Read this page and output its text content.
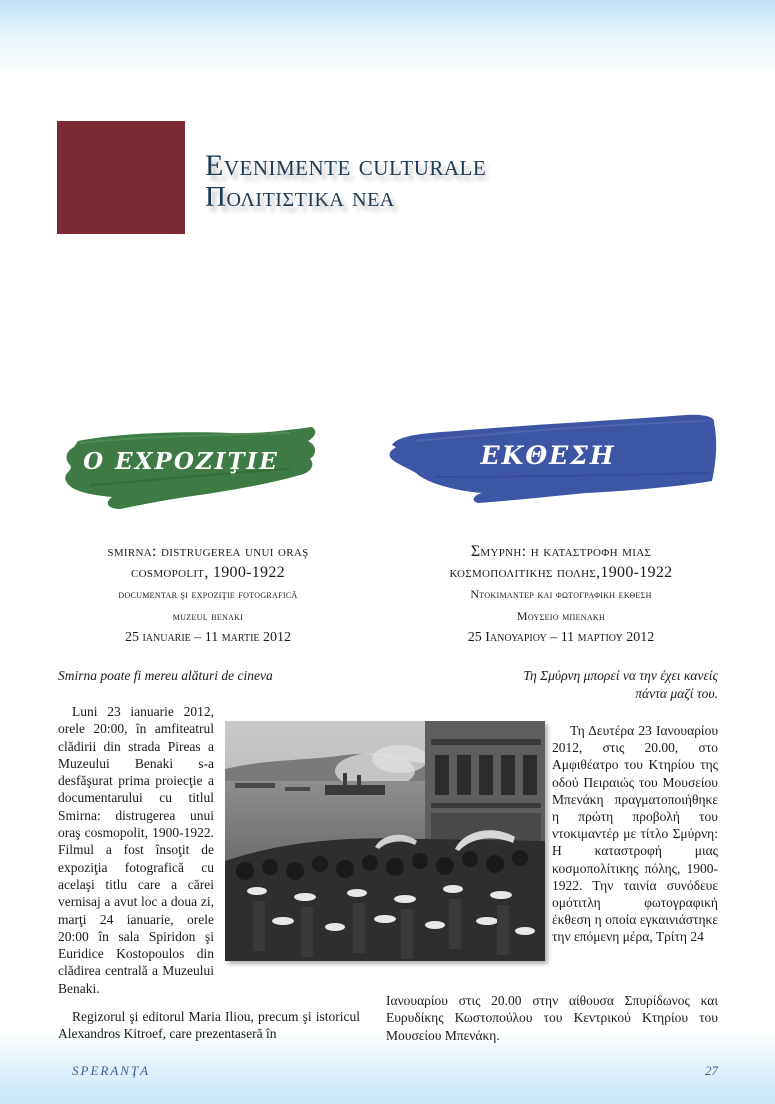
Evenimente culturale
Πολιτιστικα νεα
O EXPOZIŢIE	ΕΚΘΕΣΗ
smirna: distrugerea unui oraş
cosmopolit, 1900-1922
documentar şi expoziţie fotografică
muzeul benaki
25 ianuarie – 11 martie 2012
Σμυρνη: η καταστροφη μιασ
κοσμοπολιτικησ πολησ,1900-1922
Ντοκιμαντερ και φωτογραφικη εκθεση
Μουσειο μπενακη
25 Ιανουαριου – 11 μαρτιου 2012
Smirna poate fi mereu alături de cineva	Τη Σμύρνη μπορεί να την έχει κανείς
πάντα μαζί του.
Luni 23 ianuarie 2012, orele 20:00, în amfiteatrul clădirii din strada Pireas a Muzeului Benaki s-a desfăşurat prima proiecţie a documentarului cu titlul Smirna: distrugerea unui oraş cosmopolit, 1900-1922. Filmul a fost însoţit de expoziţia fotografică cu acelaşi titlu care a cărei vernisaj a avut loc a doua zi, marţi 24 ianuarie, orele 20:00 în sala Spiridon şi Euridice Kostopoulos din clădirea centrală a Muzeului Benaki.
Regizorul şi editorul Maria Iliou, precum şi istoricul Alexandros Kitroef, care prezentaseră în
Τη Δευτέρα 23 Ιανουαρίου 2012, στις 20.00, στο Αμφιθέατρο του Κτηρίου της οδού Πειραιώς του Μουσείου Μπενάκη πραγματοποιήθηκε η πρώτη προβολή του ντοκιμαντέρ με τίτλο Σμύρνη: Η καταστροφή μιας κοσμοπολίτικης πόλης, 1900-1922. Την ταινία συνόδευε ομότιτλη φωτογραφική έκθεση η οποία εγκαινιάστηκε την επόμενη μέρα, Τρίτη 24
Ιανουαρίου στις 20.00 στην αίθουσα Σπυρίδωνος και Ευρυδίκης Κωστοπούλου του Κεντρικού Κτηρίου του Μουσείου Μπενάκη.
SPERANŢA	27
